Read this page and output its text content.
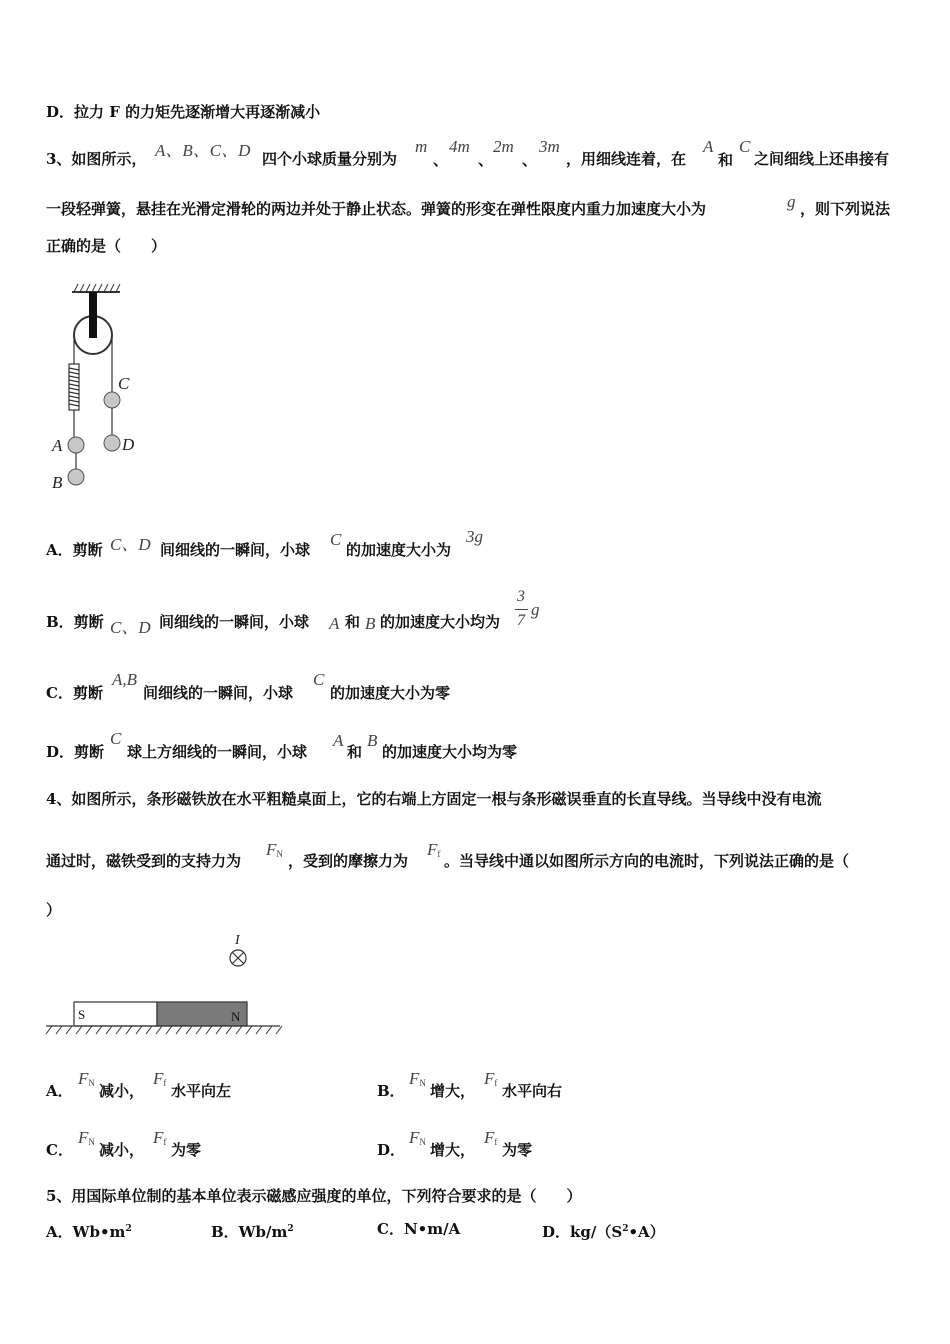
D．拉力 F 的力矩先逐渐增大再逐渐减小
3、如图所示， A、B、C、D 四个小球质量分别为
m
、
4m
、
2m
、
3m
，用细线连着，在
A
和
C
之间细线上还串接有
一段轻弹簧，悬挂在光滑定滑轮的两边并处于静止状态。弹簧的形变在弹性限度内重力加速度大小为	g ，则下列说法
正确的是（　　）
C
D
A
B
A．剪断 C、D 间细线的一瞬间，小球
C
的加速度大小为
3g
B．剪断 C、D 间细线的一瞬间，小球 A 和 B 的加速度大小均为
3
7
g
C．剪断
A,B
间细线的一瞬间，小球
C
的加速度大小为零
D．剪断
C
球上方细线的一瞬间，小球
A
和
B
的加速度大小均为零
4、如图所示，条形磁铁放在水平粗糙桌面上，它的右端上方固定一根与条形磁误垂直的长直导线。当导线中没有电流
通过时，磁铁受到的支持力为
$F_N$ ，受到的摩擦力为
$F_f$ 。当导线中通以如图所示方向的电流时，下列说法正确的是（
）
I
S	N
A．
$F_N$ 减小，
$F_f$ 水平向左	B．
$F_N$ 增大，
$F_f$ 水平向右
C．
$F_N$ 减小，
$F_f$ 为零	D．
$F_N$ 增大，
$F_f$ 为零
5、用国际单位制的基本单位表示磁感应强度的单位，下列符合要求的是（　　）
A．$Wb•m^2$	B．$Wb/m^2$	C．N•m/A	D．$kg/(S^2•A)$
